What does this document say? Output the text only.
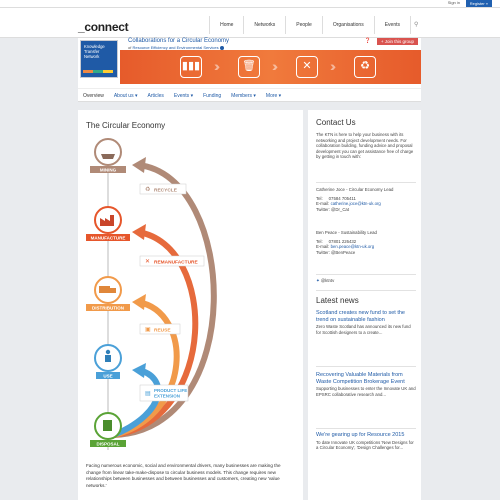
Sign in	Register »
_connect	Home	Networks	People	Organisations	Events	⚲
Knowledge Transfer Network
Collaborations for a Circular Economy
of Resource Efficiency and Environmental Services
❓	+ Join this group
▮▮▮ ›››	🗑 ›››	✕	›››	♻
Overview	About us ▾	Articles	Events ▾	Funding	Members ▾	More ▾
The Circular Economy
MINING
MANUFACTURE
DISTRIBUTION
USE
DISPOSAL
♻ RECYCLE
✕ REMANUFACTURE
▣ REUSE
▤
PRODUCT LIFE EXTENSION
Facing numerous economic, social and environmental drivers, many businesses are making the change from linear take-make-dispose to circular business models. This change requires new relationships between businesses and between businesses and customers, creating new 'value networks.'
Contact Us
The KTN is here to help your business with its networking and project development needs. For collaboration building, funding advice and proposal development you can get assistance free of charge by getting in touch with:
Catherine Joce - Circular Economy Lead
Tel: 07584 705411
E-mail: catherine.joce@ktn-uk.org
Twitter: @Dr_Cat
Ben Peace - Sustainability Lead
Tel: 07801 226432
E-mail: ben.peace@ktn-uk.org
Twitter: @BenPeace
✦ @ktntv
Latest news
Scotland creates new fund to set the trend on sustainable fashion
Zero Waste Scotland has announced its new fund for Scottish designers to a create...
Recovering Valuable Materials from Waste Competition Brokerage Event
Supporting businesses to enter the Innovate UK and EPSRC collaborative research and...
We're gearing up for Resource 2015
To date Innovate UK competitions 'New Designs for a Circular Economy', 'Design Challenges for...
